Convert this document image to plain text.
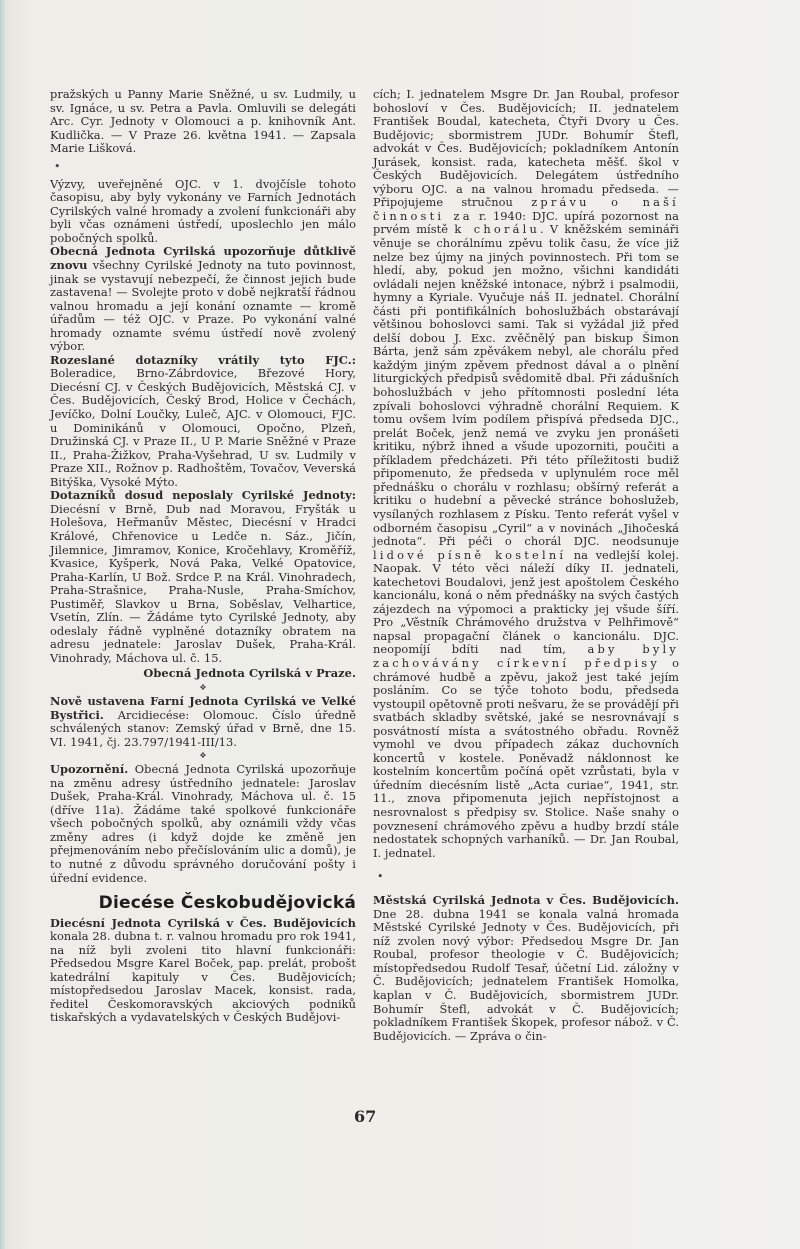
pražských u Panny Marie Sněžné, u sv. Ludmily, u sv. Ignáce, u sv. Petra a Pavla. Omluvili se delegáti Arc. Cyr. Jednoty v Olomouci a p. knihovník Ant. Kudlička. — V Praze 26. května 1941. — Zapsala Marie Lišková.

•

Výzvy, uveřejněné OJC. v 1. dvojčísle tohoto časopisu, aby byly vykonány ve Farních Jednotách Cyrilských valné hromady a zvolení funkcionáři aby byli včas oznámeni ústředí, uposlechlo jen málo pobočných spolků.

Obecná Jednota Cyrilská upozorňuje důtklivě znovu všechny Cyrilské Jednoty na tuto povinnost, jinak se vystavují nebezpečí, že činnost jejich bude zastavena! — Svolejte proto v době nejkratší řádnou valnou hromadu a její konání oznamte — kromě úřadům — též OJC. v Praze. Po vykonání valné hromady oznamte svému ústředí nově zvolený výbor.

Rozeslané dotazníky vrátily tyto FJC.: Boleradice, Brno-Zábrdovice, Březové Hory, Diecésní CJ. v Českých Budějovicích, Městská CJ. v Čes. Budějovicích, Český Brod, Holice v Čechách, Jevíčko, Dolní Loučky, Luleč, AJC. v Olomouci, FJC. u Dominikánů v Olomouci, Opočno, Plzeň, Družinská CJ. v Praze II., U P. Marie Sněžné v Praze II., Praha-Žižkov, Praha-Vyšehrad, U sv. Ludmily v Praze XII., Rožnov p. Radhoštěm, Tovačov, Veverská Bitýška, Vysoké Mýto.

Dotazníků dosud neposlaly Cyrilské Jednoty: Diecésní v Brně, Dub nad Moravou, Fryšták u Holešova, Heřmanův Městec, Diecésní v Hradci Králové, Chřenovice u Ledče n. Sáz., Jičín, Jilemnice, Jimramov, Konice, Kročehlavy, Kroměříž, Kvasice, Kyšperk, Nová Paka, Velké Opatovice, Praha-Karlín, U Bož. Srdce P. na Král. Vinohradech, Praha-Strašnice, Praha-Nusle, Praha-Smíchov, Pustiměř, Slavkov u Brna, Soběslav, Velhartice, Vsetín, Zlín. — Žádáme tyto Cyrilské Jednoty, aby odeslaly řádně vyplněné dotazníky obratem na adresu jednatele: Jaroslav Dušek, Praha-Král. Vinohrady, Máchova ul. č. 15.

Obecná Jednota Cyrilská v Praze.

❖

Nově ustavena Farní Jednota Cyrilská ve Velké Bystřici. Arcidiecése: Olomouc. Číslo úředně schválených stanov: Zemský úřad v Brně, dne 15. VI. 1941, čj. 23.797/1941-III/13.

❖

Upozornění. Obecná Jednota Cyrilská upozorňuje na změnu adresy ústředního jednatele: Jaroslav Dušek, Praha-Král. Vinohrady, Máchova ul. č. 15 (dříve 11a). Žádáme také spolkové funkcionáře všech pobočných spolků, aby oznámili vždy včas změny adres (i když dojde ke změně jen přejmenováním nebo přečíslováním ulic a domů), je to nutné z důvodu správného doručování pošty i úřední evidence.

Diecése Českobudějovická

Diecésní Jednota Cyrilská v Čes. Budějovicích konala 28. dubna t. r. valnou hromadu pro rok 1941, na níž byli zvoleni tito hlavní funkcionáři: Předsedou Msgre Karel Boček, pap. prelát, probošt katedrální kapituly v Čes. Budějovicích; místopředsedou Jaroslav Macek, konsist. rada, ředitel Českomoravských akciových podniků tiskařských a vydavatelských v Českých Budějovi-

cích; I. jednatelem Msgre Dr. Jan Roubal, profesor bohosloví v Čes. Budějovicích; II. jednatelem František Boudal, katecheta, Čtyři Dvory u Čes. Budějovic; sbormistrem JUDr. Bohumír Štefl, advokát v Čes. Budějovicích; pokladníkem Antonín Jurásek, konsist. rada, katecheta měšť. škol v Českých Budějovicích. Delegátem ústředního výboru OJC. a na valnou hromadu předseda. — Připojujeme stručnou zprávu o naší činnosti za r. 1940: DJC. upírá pozornost na prvém místě k chorálu. V kněžském semináři věnuje se chorálnímu zpěvu tolik času, že více již nelze bez újmy na jiných povinnostech. Při tom se hledí, aby, pokud jen možno, všichni kandidáti ovládali nejen kněžské intonace, nýbrž i psalmodii, hymny a Kyriale. Vyučuje náš II. jednatel. Chorální části při pontifikálních bohoslužbách obstarávají většinou bohoslovci sami. Tak si vyžádal již před delší dobou J. Exc. zvěčnělý pan biskup Šimon Bárta, jenž sám zpěvákem nebyl, ale chorálu před každým jiným zpěvem přednost dával a o plnění liturgických předpisů svědomitě dbal. Při zádušních bohoslužbách v jeho přítomnosti poslední léta zpívali bohoslovci výhradně chorální Requiem. K tomu ovšem lvím podílem přispívá předseda DJC., prelát Boček, jenž nemá ve zvyku jen pronášeti kritiku, nýbrž ihned a všude upozorniti, poučiti a příkladem předcházeti. Při této příležitosti budiž připomenuto, že předseda v uplynulém roce měl přednášku o chorálu v rozhlasu; obšírný referát a kritiku o hudební a pěvecké stránce bohoslužeb, vysílaných rozhlasem z Písku. Tento referát vyšel v odborném časopisu „Cyril“ a v novinách „Jihočeská jednota“. Při péči o chorál DJC. neodsunuje lidové písně kostelní na vedlejší kolej. Naopak. V této věci náleží díky II. jednateli, katechetovi Boudalovi, jenž jest apoštolem Českého kancionálu, koná o něm přednášky na svých častých zájezdech na výpomoci a prakticky jej všude šíří. Pro „Věstník Chrámového družstva v Pelhřimově“ napsal propagační článek o kancionálu. DJC. neopomíjí bdíti nad tím, aby byly zachovávány církevní předpisy o chrámové hudbě a zpěvu, jakož jest také jejím posláním. Co se týče tohoto bodu, předseda vystoupil opětovně proti nešvaru, že se provádějí při svatbách skladby světské, jaké se nesrovnávají s posvátností místa a svátostného obřadu. Rovněž vymohl ve dvou případech zákaz duchovních koncertů v kostele. Poněvadž náklonnost ke kostelním koncertům počíná opět vzrůstati, byla v úředním diecésním listě „Acta curiae“, 1941, str. 11., znova připomenuta jejich nepřístojnost a nesrovnalost s předpisy sv. Stolice. Naše snahy o povznesení chrámového zpěvu a hudby brzdí stále nedostatek schopných varhaníků. — Dr. Jan Roubal, I. jednatel.

•

Městská Cyrilská Jednota v Čes. Budějovicích. Dne 28. dubna 1941 se konala valná hromada Městské Cyrilské Jednoty v Čes. Budějovicích, při níž zvolen nový výbor: Předsedou Msgre Dr. Jan Roubal, profesor theologie v Č. Budějovicích; místopředsedou Rudolf Tesař, účetní Lid. záložny v Č. Budějovicích; jednatelem František Homolka, kaplan v Č. Budějovicích, sbormistrem JUDr. Bohumír Štefl, advokát v Č. Budějovicích; pokladníkem František Škopek, profesor nábož. v Č. Budějovicích. — Zpráva o čin-

67
